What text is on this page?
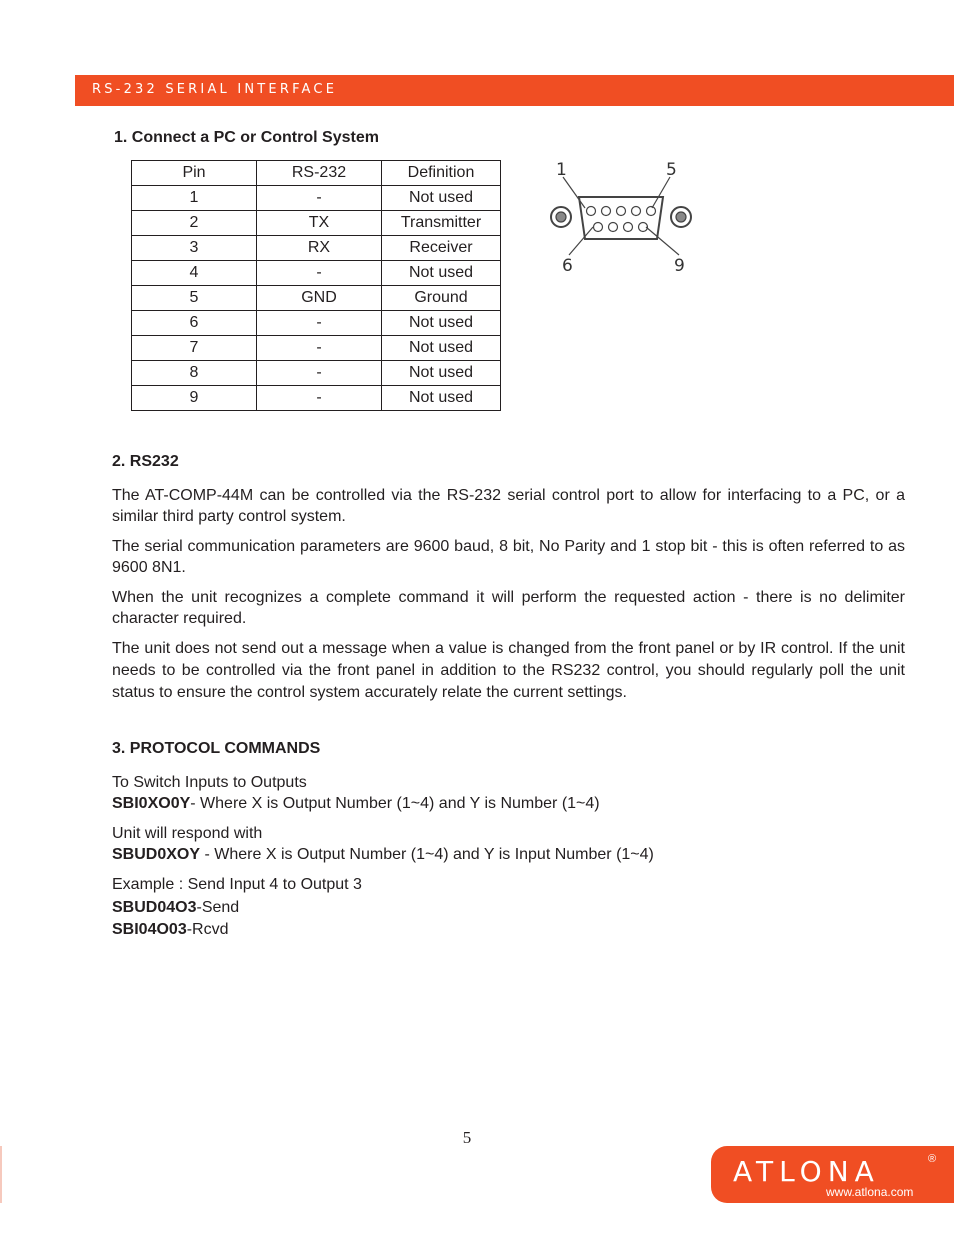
RS-232 SERIAL INTERFACE
1. Connect a PC or Control System
Pin	RS-232	Definition
1	-	Not used
2	TX	Transmitter
3	RX	Receiver
4	-	Not used
5	GND	Ground
6	-	Not used
7	-	Not used
8	-	Not used
9	-	Not used
1	5
6	9
2. RS232

The AT-COMP-44M can be controlled via the RS-232 serial control port to allow for interfacing to a PC, or a similar third party control system.

The serial communication parameters are 9600 baud, 8 bit, No Parity and 1 stop bit - this is often referred to as 9600 8N1.

When the unit recognizes a complete command it will perform the requested action - there is no delimiter character required.

The unit does not send out a message when a value is changed from the front panel or by IR control. If the unit needs to be controlled via the front panel in addition to the RS232 control, you should regularly poll the unit status to ensure the control system accurately relate the current settings.

3. PROTOCOL COMMANDS

To Switch Inputs to Outputs
SBI0XO0Y- Where X is Output Number (1~4) and Y is Number (1~4)

Unit will respond with
SBUD0XOY - Where X is Output Number (1~4) and Y is Input Number (1~4)

Example : Send Input 4 to Output 3
SBUD04O3-Send
SBI04O03-Rcvd

5
ATLONA	®
www.atlona.com
